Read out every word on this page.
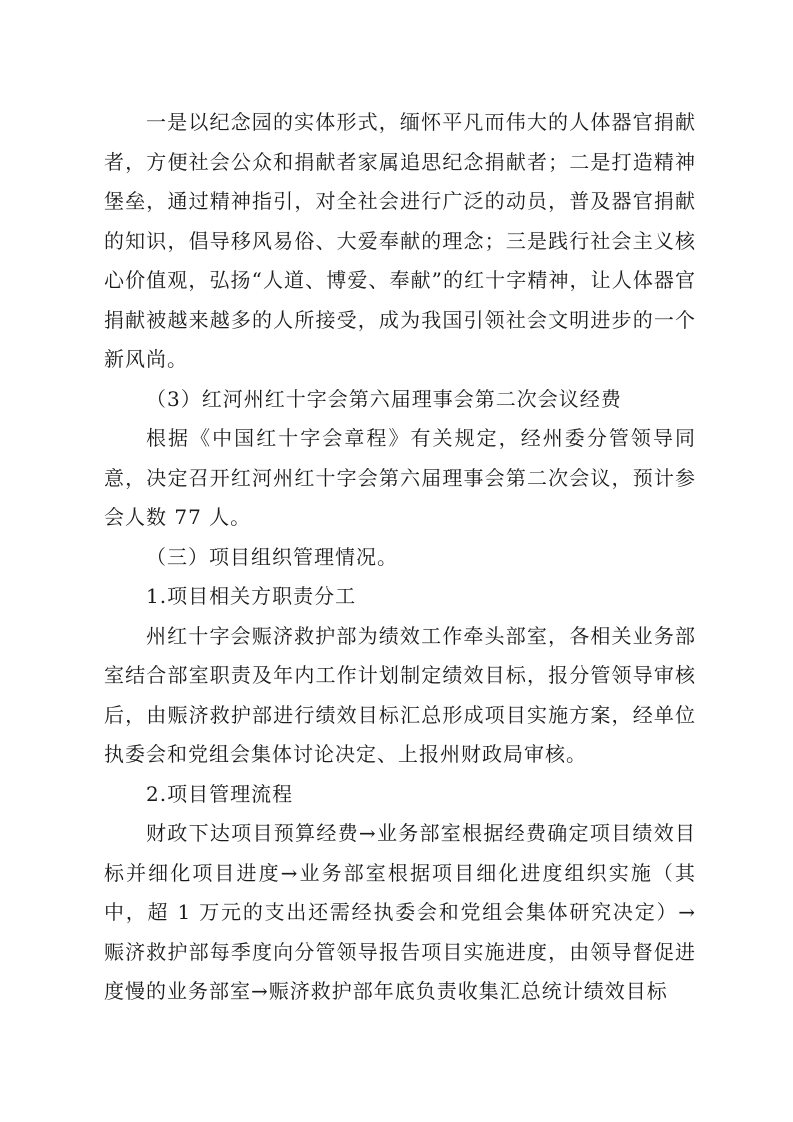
一是以纪念园的实体形式，缅怀平凡而伟大的人体器官捐献者，方便社会公众和捐献者家属追思纪念捐献者；二是打造精神堡垒，通过精神指引，对全社会进行广泛的动员，普及器官捐献的知识，倡导移风易俗、大爱奉献的理念；三是践行社会主义核心价值观，弘扬“人道、博爱、奉献”的红十字精神，让人体器官捐献被越来越多的人所接受，成为我国引领社会文明进步的一个新风尚。

（3）红河州红十字会第六届理事会第二次会议经费

根据《中国红十字会章程》有关规定，经州委分管领导同意，决定召开红河州红十字会第六届理事会第二次会议，预计参会人数 77 人。

（三）项目组织管理情况。

1.项目相关方职责分工

州红十字会赈济救护部为绩效工作牵头部室，各相关业务部室结合部室职责及年内工作计划制定绩效目标，报分管领导审核后，由赈济救护部进行绩效目标汇总形成项目实施方案，经单位执委会和党组会集体讨论决定、上报州财政局审核。

2.项目管理流程

财政下达项目预算经费→业务部室根据经费确定项目绩效目标并细化项目进度→业务部室根据项目细化进度组织实施（其中，超 1 万元的支出还需经执委会和党组会集体研究决定）→赈济救护部每季度向分管领导报告项目实施进度，由领导督促进度慢的业务部室→赈济救护部年底负责收集汇总统计绩效目标
